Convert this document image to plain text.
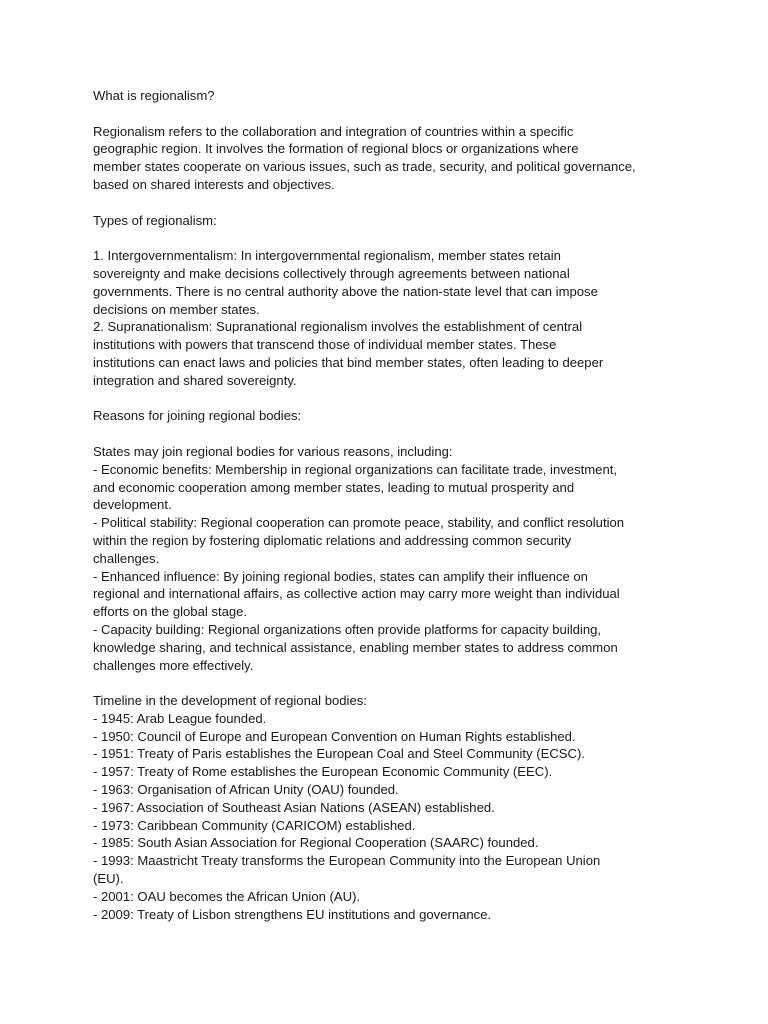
What is regionalism?
Regionalism refers to the collaboration and integration of countries within a specific
geographic region. It involves the formation of regional blocs or organizations where
member states cooperate on various issues, such as trade, security, and political governance,
based on shared interests and objectives.
Types of regionalism:
1. Intergovernmentalism: In intergovernmental regionalism, member states retain
sovereignty and make decisions collectively through agreements between national
governments. There is no central authority above the nation-state level that can impose
decisions on member states.
2. Supranationalism: Supranational regionalism involves the establishment of central
institutions with powers that transcend those of individual member states. These
institutions can enact laws and policies that bind member states, often leading to deeper
integration and shared sovereignty.
Reasons for joining regional bodies:
States may join regional bodies for various reasons, including:
- Economic benefits: Membership in regional organizations can facilitate trade, investment,
and economic cooperation among member states, leading to mutual prosperity and
development.
- Political stability: Regional cooperation can promote peace, stability, and conflict resolution
within the region by fostering diplomatic relations and addressing common security
challenges.
- Enhanced influence: By joining regional bodies, states can amplify their influence on
regional and international affairs, as collective action may carry more weight than individual
efforts on the global stage.
- Capacity building: Regional organizations often provide platforms for capacity building,
knowledge sharing, and technical assistance, enabling member states to address common
challenges more effectively.
Timeline in the development of regional bodies:
- 1945: Arab League founded.
- 1950: Council of Europe and European Convention on Human Rights established.
- 1951: Treaty of Paris establishes the European Coal and Steel Community (ECSC).
- 1957: Treaty of Rome establishes the European Economic Community (EEC).
- 1963: Organisation of African Unity (OAU) founded.
- 1967: Association of Southeast Asian Nations (ASEAN) established.
- 1973: Caribbean Community (CARICOM) established.
- 1985: South Asian Association for Regional Cooperation (SAARC) founded.
- 1993: Maastricht Treaty transforms the European Community into the European Union
(EU).
- 2001: OAU becomes the African Union (AU).
- 2009: Treaty of Lisbon strengthens EU institutions and governance.
